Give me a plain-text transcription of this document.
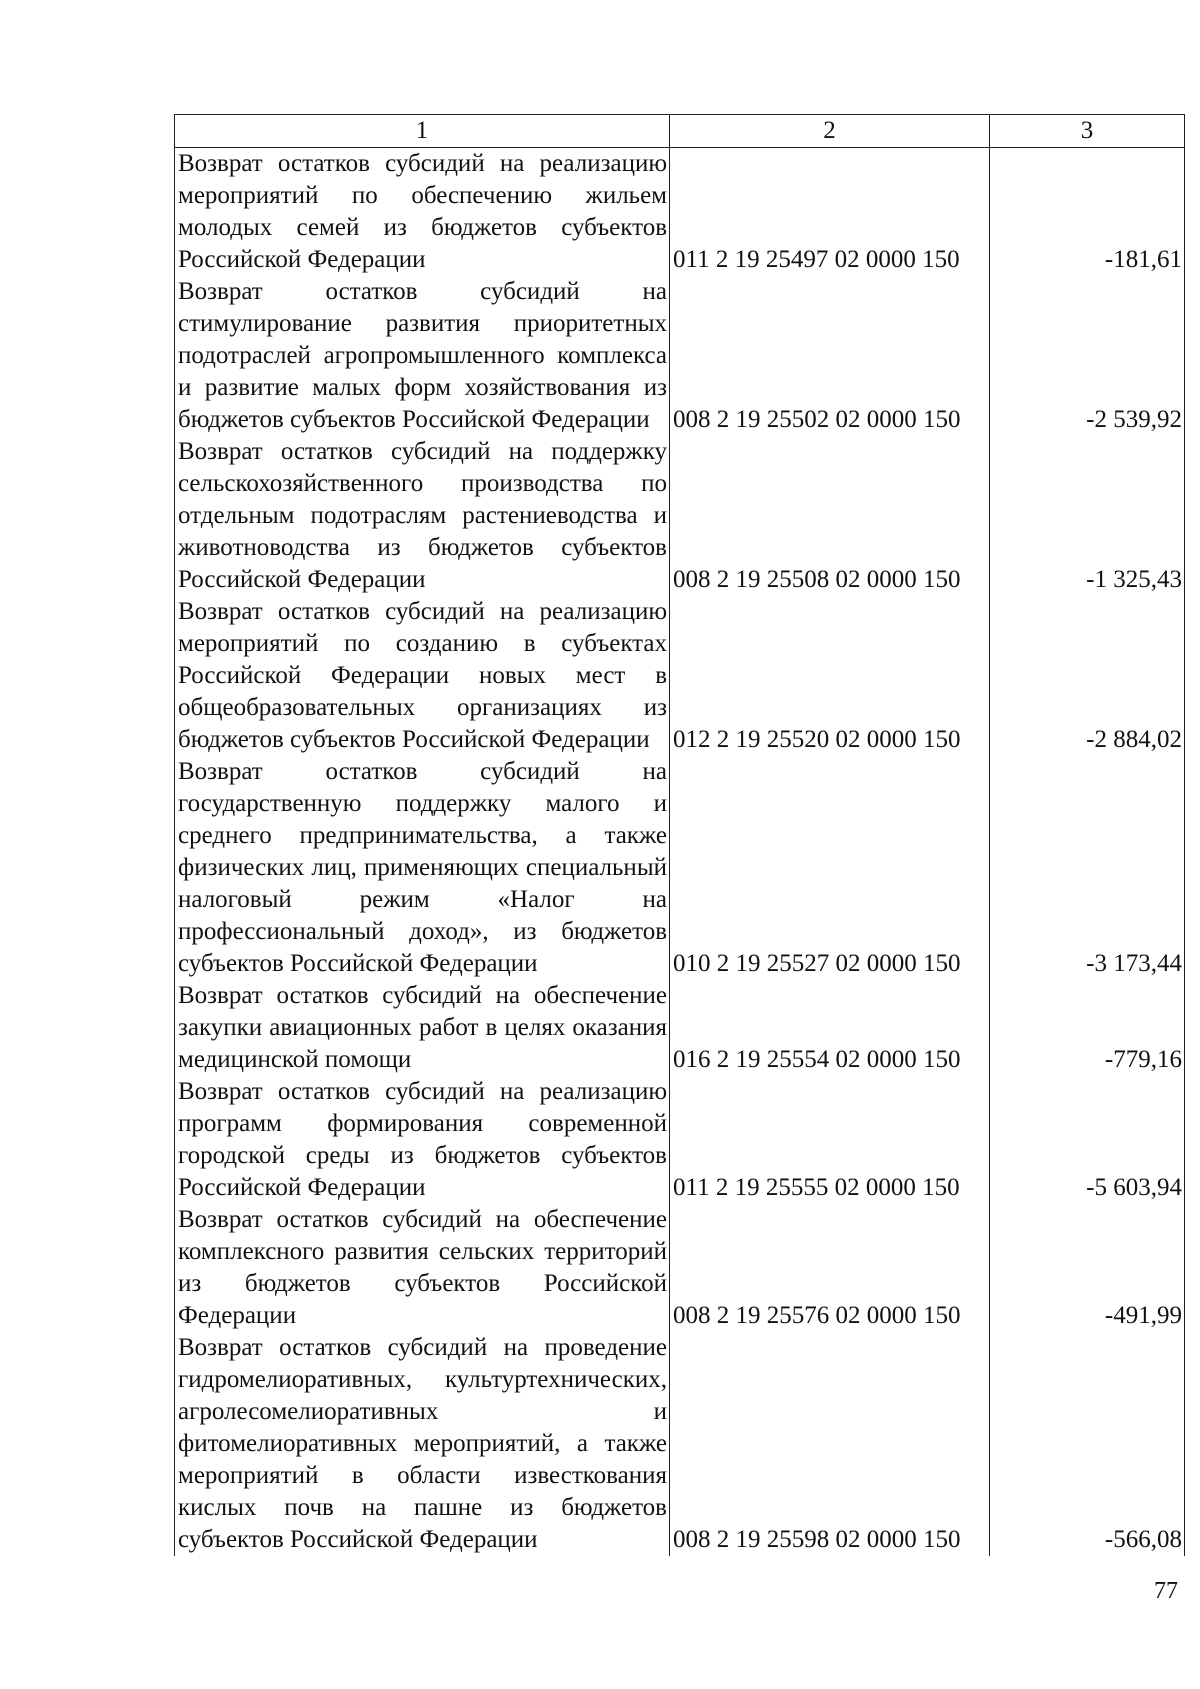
1	2	3
Возврат остатков субсидий на реализацию мероприятий по обеспечению жильем молодых семей из бюджетов субъектов Российской Федерации	011 2 19 25497 02 0000 150	-181,61
Возврат остатков субсидий на стимулирование развития приоритетных подотраслей агропромышленного комплекса и развитие малых форм хозяйствования из бюджетов субъектов Российской Федерации	008 2 19 25502 02 0000 150	-2 539,92
Возврат остатков субсидий на поддержку сельскохозяйственного производства по отдельным подотраслям растениеводства и животноводства из бюджетов субъектов Российской Федерации	008 2 19 25508 02 0000 150	-1 325,43
Возврат остатков субсидий на реализацию мероприятий по созданию в субъектах Российской Федерации новых мест в общеобразовательных организациях из бюджетов субъектов Российской Федерации	012 2 19 25520 02 0000 150	-2 884,02
Возврат остатков субсидий на государственную поддержку малого и среднего предпринимательства, а также физических лиц, применяющих специальный налоговый режим «Налог на профессиональный доход», из бюджетов субъектов Российской Федерации	010 2 19 25527 02 0000 150	-3 173,44
Возврат остатков субсидий на обеспечение закупки авиационных работ в целях оказания медицинской помощи	016 2 19 25554 02 0000 150	-779,16
Возврат остатков субсидий на реализацию программ формирования современной городской среды из бюджетов субъектов Российской Федерации	011 2 19 25555 02 0000 150	-5 603,94
Возврат остатков субсидий на обеспечение комплексного развития сельских территорий из бюджетов субъектов Российской Федерации	008 2 19 25576 02 0000 150	-491,99
Возврат остатков субсидий на проведение гидромелиоративных, культуртехнических, агролесомелиоративных и фитомелиоративных мероприятий, а также мероприятий в области известкования кислых почв на пашне из бюджетов субъектов Российской Федерации	008 2 19 25598 02 0000 150	-566,08
77
